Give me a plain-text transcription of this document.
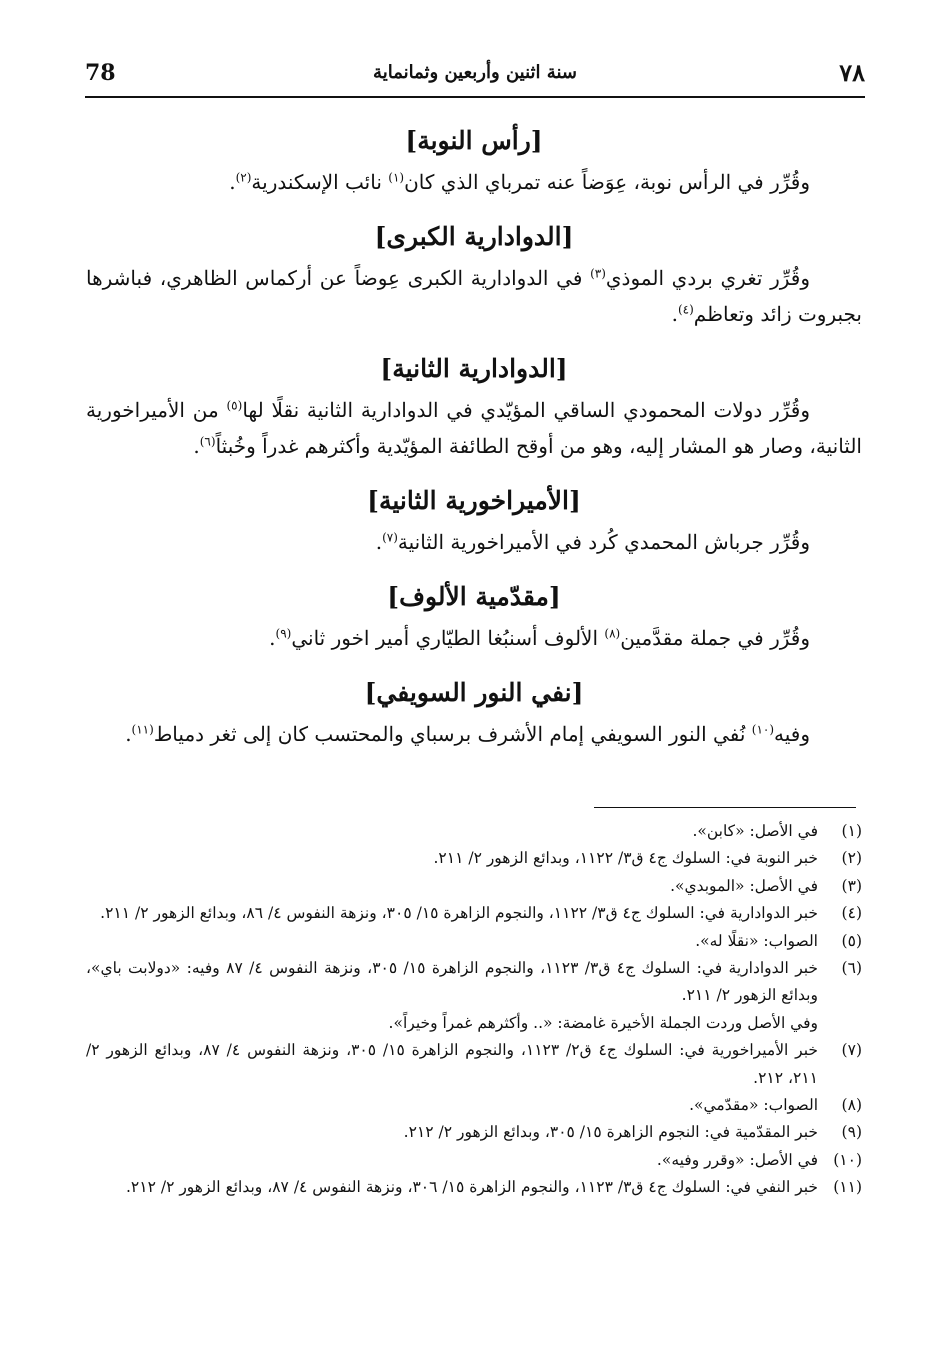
78	سنة اثنين وأربعين وثمانماية	٧٨
[رأس النوبة]

وقُرِّر في الرأس نوبة، عِوَضاً عنه تمرباي الذي كان$^{(١)}$ نائب الإسكندرية$^{(٢)}$.

[الدوادارية الكبرى]

وقُرِّر تغري بردي الموذي$^{(٣)}$ في الدوادارية الكبرى عِوضاً عن أركماس الظاهري، فباشرها بجبروت زائد وتعاظم$^{(٤)}$.

[الدوادارية الثانية]

وقُرِّر دولات المحمودي الساقي المؤيّدي في الدوادارية الثانية نقلًا لها$^{(٥)}$ من الأميراخورية الثانية، وصار هو المشار إليه، وهو من أوقح الطائفة المؤيّدية وأكثرهم غدراً وخُبثاً$^{(٦)}$.

[الأميراخورية الثانية]

وقُرِّر جرباش المحمدي كُرد في الأميراخورية الثانية$^{(٧)}$.

[مقدّمية الألوف]

وقُرِّر في جملة مقدَّمين$^{(٨)}$ الألوف أسنبُغا الطيّاري أمير اخور ثاني$^{(٩)}$.

[نفي النور السويفي]

وفيه$^{(١٠)}$ نُفي النور السويفي إمام الأشرف برسباي والمحتسب كان إلى ثغر دمياط$^{(١١)}$.

(١)
في الأصل: «كابن».
(٢)
خبر النوبة في: السلوك ج٤ ق٣/ ١١٢٢، وبدائع الزهور ٢/ ٢١١.
(٣)
في الأصل: «الموبدي».
(٤)
خبر الدوادارية في: السلوك ج٤ ق٣/ ١١٢٢، والنجوم الزاهرة ١٥/ ٣٠٥، ونزهة النفوس ٤/ ٨٦، وبدائع الزهور ٢/ ٢١١.
(٥)
الصواب: «نقلًا له».
(٦)
خبر الدوادارية في: السلوك ج٤ ق٣/ ١١٢٣، والنجوم الزاهرة ١٥/ ٣٠٥، ونزهة النفوس ٤/ ٨٧ وفيه: «دولابت باي»، وبدائع الزهور ٢/ ٢١١.
وفي الأصل وردت الجملة الأخيرة غامضة: «.. وأكثرهم غمراً وخيراً».
(٧)
خبر الأميراخورية في: السلوك ج٤ ق٢/ ١١٢٣، والنجوم الزاهرة ١٥/ ٣٠٥، ونزهة النفوس ٤/ ٨٧، وبدائع الزهور ٢/ ٢١١، ٢١٢.
(٨)
الصواب: «مقدّمي».
(٩)
خبر المقدّمية في: النجوم الزاهرة ١٥/ ٣٠٥، وبدائع الزهور ٢/ ٢١٢.
(١٠)
في الأصل: «وقرر وفيه».
(١١)
خبر النفي في: السلوك ج٤ ق٣/ ١١٢٣، والنجوم الزاهرة ١٥/ ٣٠٦، ونزهة النفوس ٤/ ٨٧، وبدائع الزهور ٢/ ٢١٢.
